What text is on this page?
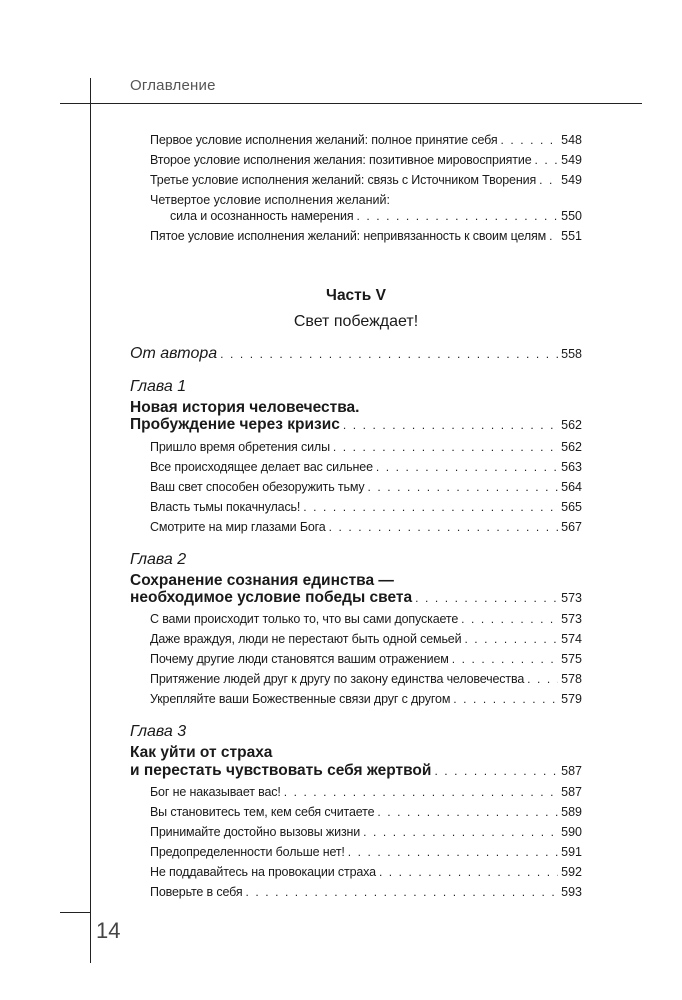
Оглавление
14
Первое условие исполнения желаний: полное принятие себя . . .	548
Второе условие исполнения желания: позитивное мировосприятие . . . 549
Третье условие исполнения желаний: связь с Источником Творения . . . 549
Четвертое условие исполнения желаний:
сила и осознанность намерения . . .	550
Пятое условие исполнения желаний: непривязанность к своим целям . . . 551
Часть V
Свет побеждает!
От автора . . .	558
Глава 1
Новая история человечества.
Пробуждение через кризис . . .	562
Пришло время обретения силы . . .	562
Все происходящее делает вас сильнее . . .	563
Ваш свет способен обезоружить тьму . . .	564
Власть тьмы покачнулась! . . .	565
Смотрите на мир глазами Бога . . .	567
Глава 2
Сохранение сознания единства —
необходимое условие победы света . . .	573
С вами происходит только то, что вы сами допускаете . . .	573
Даже враждуя, люди не перестают быть одной семьей . . .	574
Почему другие люди становятся вашим отражением . . .	575
Притяжение людей друг к другу по закону единства человечества . . .	578
Укрепляйте ваши Божественные связи друг с другом . . .	579
Глава 3
Как уйти от страха
и перестать чувствовать себя жертвой . . .	587
Бог не наказывает вас! . . .	587
Вы становитесь тем, кем себя считаете . . .	589
Принимайте достойно вызовы жизни . . .	590
Предопределенности больше нет! . . .	591
Не поддавайтесь на провокации страха . . .	592
Поверьте в себя . . .	593
